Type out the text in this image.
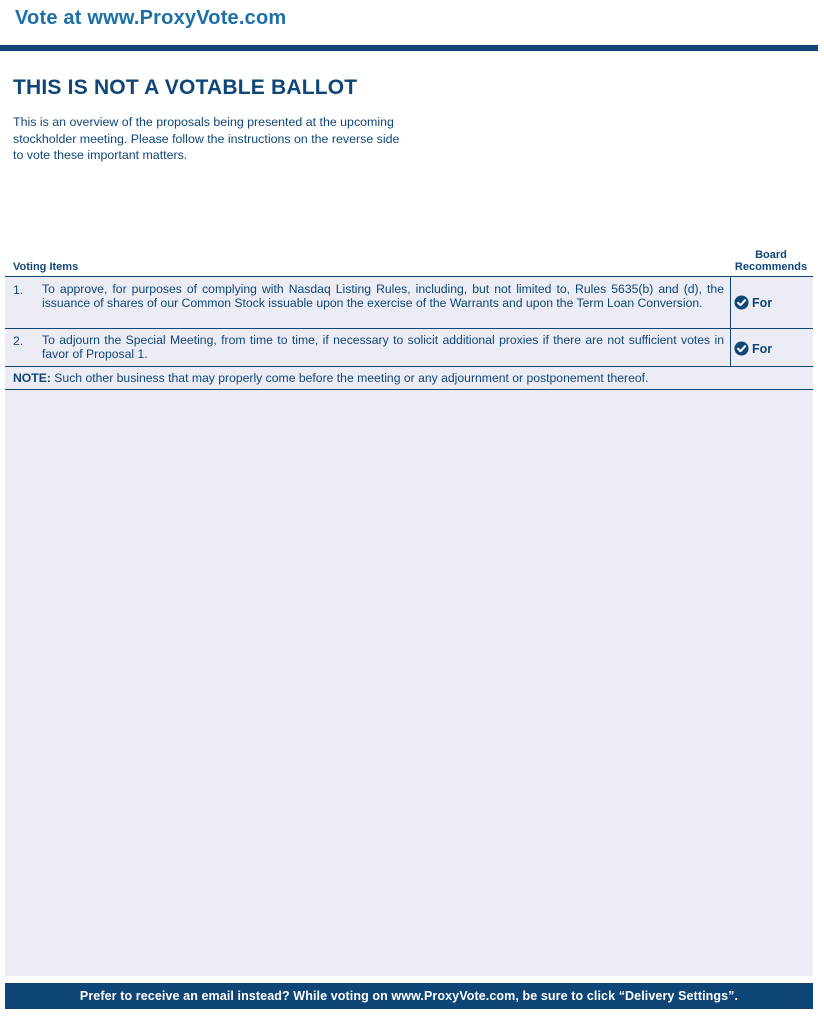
Vote at www.ProxyVote.com
THIS IS NOT A VOTABLE BALLOT

This is an overview of the proposals being presented at the upcoming stockholder meeting. Please follow the instructions on the reverse side to vote these important matters.

Voting Items
Board Recommends
1. To approve, for purposes of complying with Nasdaq Listing Rules, including, but not limited to, Rules 5635(b) and (d), the issuance of shares of our Common Stock issuable upon the exercise of the Warrants and upon the Term Loan Conversion.	For
2. To adjourn the Special Meeting, from time to time, if necessary to solicit additional proxies if there are not sufficient votes in favor of Proposal 1.	For
NOTE: Such other business that may properly come before the meeting or any adjournment or postponement thereof.
Prefer to receive an email instead? While voting on www.ProxyVote.com, be sure to click “Delivery Settings”.
